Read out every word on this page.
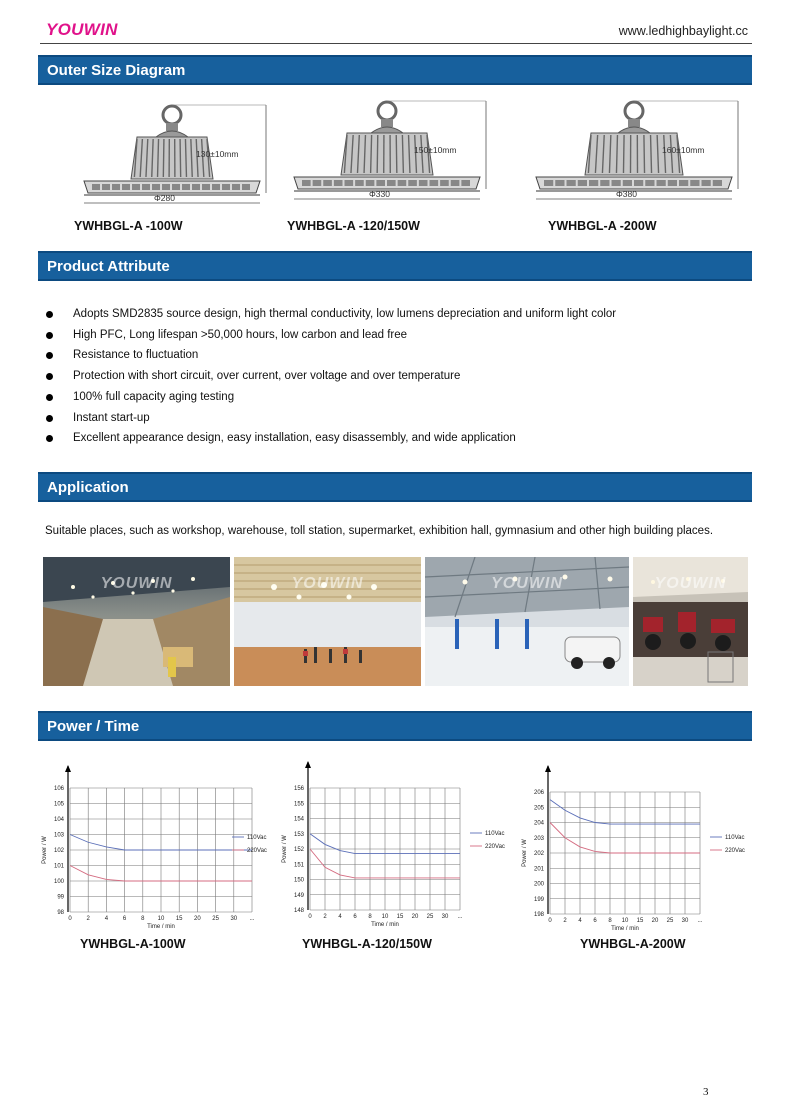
YOUWIN	www.ledhighbaylight.cc
Outer Size Diagram
130±10mm
Φ280
150±10mm
Φ330
160±10mm
Φ380
YWHBGL-A -100W	YWHBGL-A -120/150W	YWHBGL-A -200W
Product Attribute
Adopts SMD2835 source design, high thermal conductivity, low lumens depreciation and uniform light color
High PFC, Long lifespan >50,000 hours, low carbon and lead free
Resistance to fluctuation
Protection with short circuit, over current, over voltage and over temperature
100% full capacity aging testing
Instant start-up
Excellent appearance design, easy installation, easy disassembly, and wide application
Application
Suitable places, such as workshop, warehouse, toll station, supermarket, exhibition hall, gymnasium and other high building places.
YOUWIN	YOUWIN	YOUWIN	YOUWIN
Power / Time
98
99
100
101
102
103
104
105
106
0 2 4 6 8 10 15 20 25 30 ...
Time / min
Power / W	110Vac
220Vac
148
149
150
151
152
153
154
155
156
0 2 4 6 8 10 15 20 25 30 ...
Time / min
Power / W
110Vac
220Vac
198
199
200
201
202
203
204
205
206
0 2 4 6 8 10 15 20 25 30 ...
Time / min
Power / W
110Vac
220Vac
YWHBGL-A-100W	YWHBGL-A-120/150W	YWHBGL-A-200W
3
